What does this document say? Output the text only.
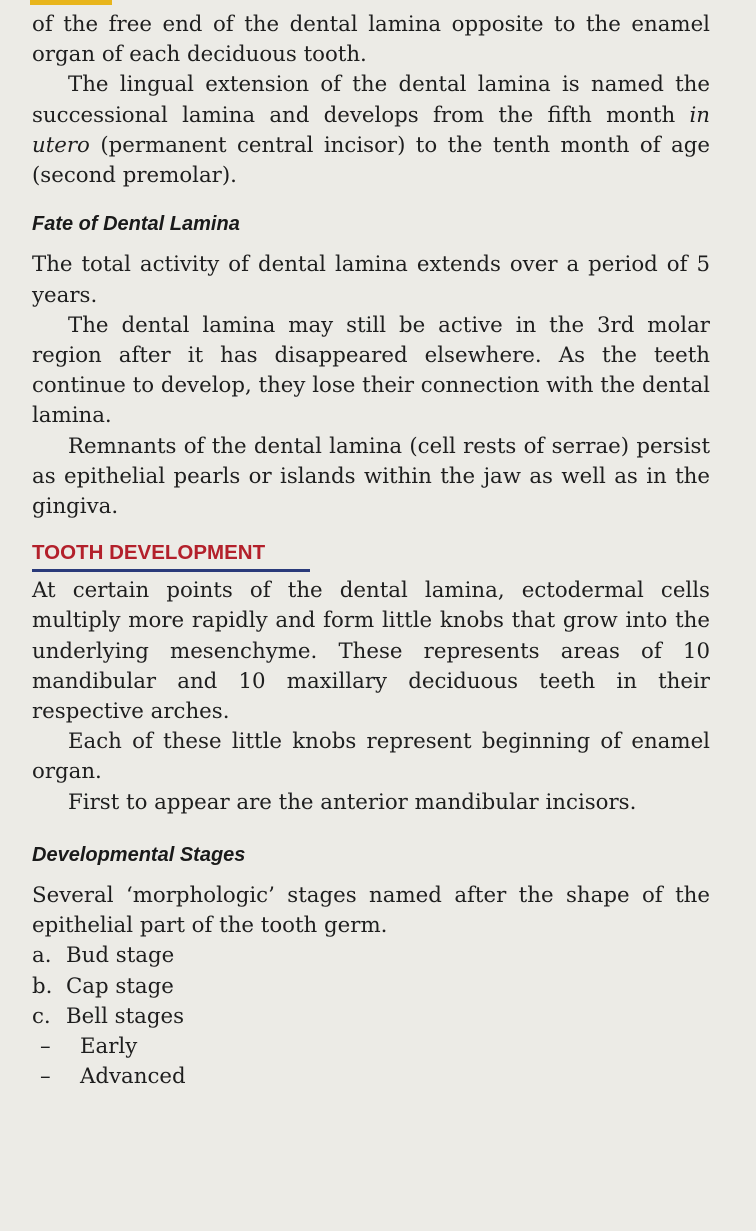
of the free end of the dental lamina opposite to the enamel organ of each deciduous tooth.

The lingual extension of the dental lamina is named the successional lamina and develops from the fifth month in utero (permanent central incisor) to the tenth month of age (second premolar).

Fate of Dental Lamina

The total activity of dental lamina extends over a period of 5 years.

The dental lamina may still be active in the 3rd molar region after it has disappeared elsewhere. As the teeth continue to develop, they lose their connection with the dental lamina.

Remnants of the dental lamina (cell rests of serrae) persist as epithelial pearls or islands within the jaw as well as in the gingiva.

TOOTH DEVELOPMENT

At certain points of the dental lamina, ectodermal cells multiply more rapidly and form little knobs that grow into the underlying mesenchyme. These represents areas of 10 mandibular and 10 maxillary deciduous teeth in their respective arches.

Each of these little knobs represent beginning of enamel organ.

First to appear are the anterior mandibular incisors.

Developmental Stages

Several ‘morphologic’ stages named after the shape of the epithelial part of the tooth germ.

a. Bud stage
b. Cap stage
c. Bell stages
– Early
– Advanced
